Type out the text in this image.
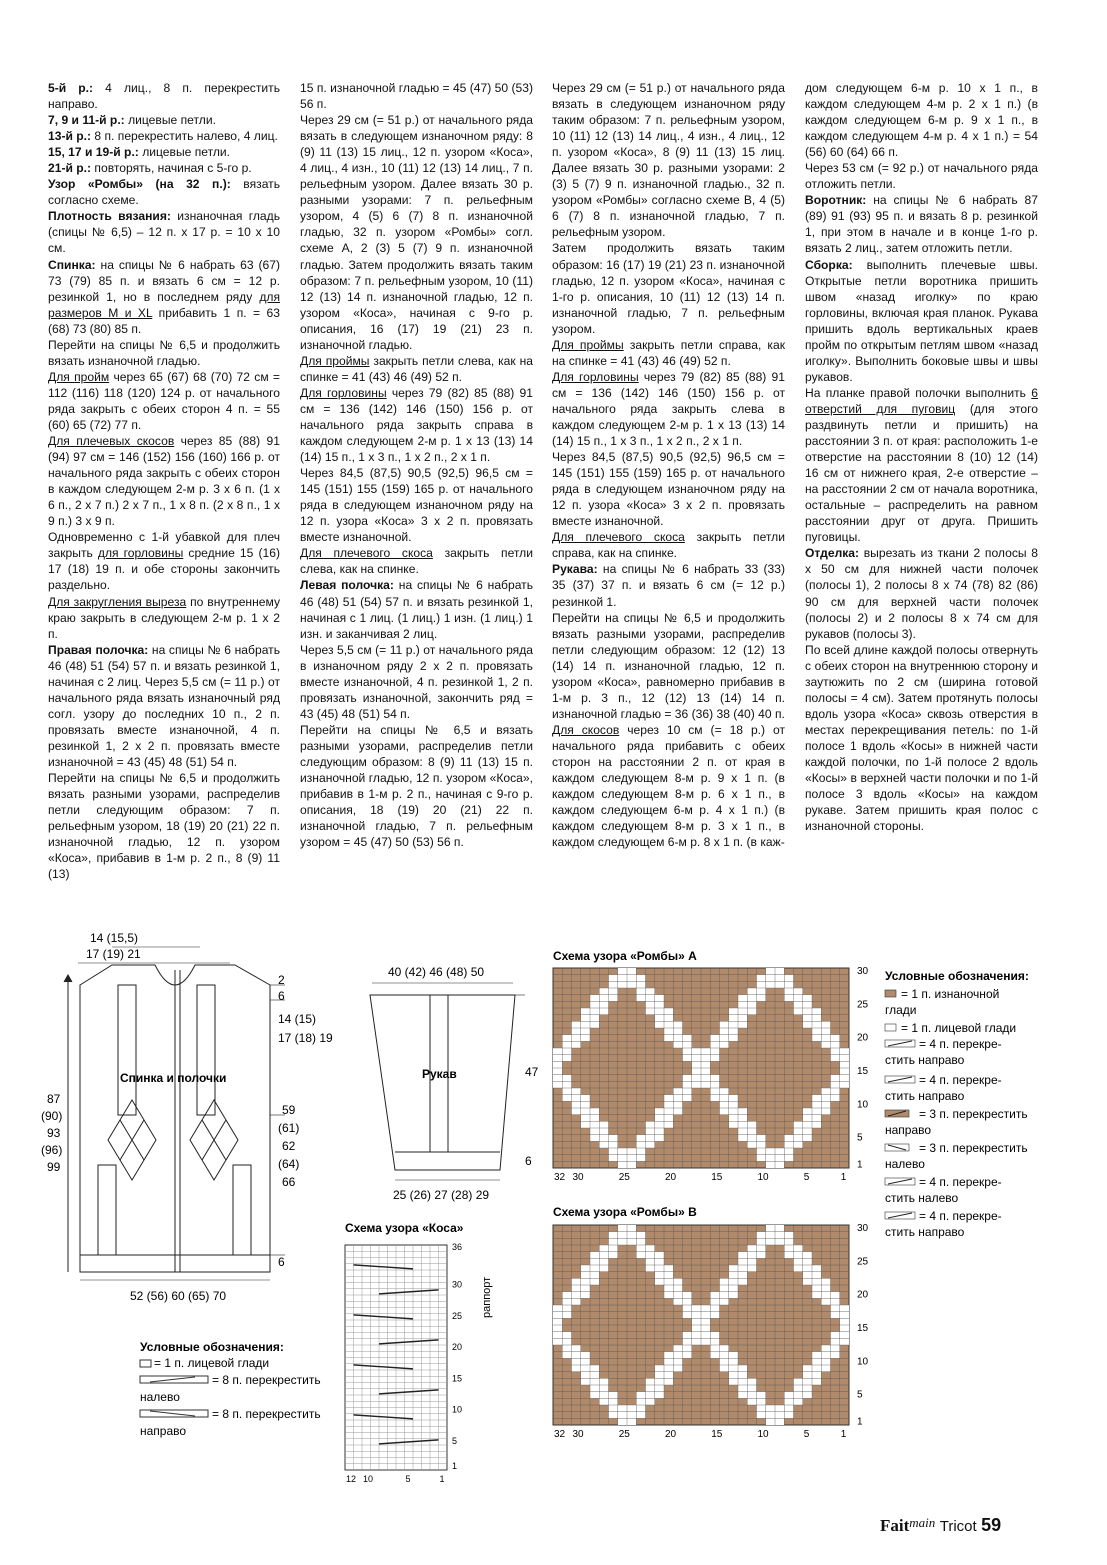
5-й р.: 4 лиц., 8 п. перекрестить направо.

7, 9 и 11-й р.: лицевые петли.

13-й р.: 8 п. перекрестить налево, 4 лиц.

15, 17 и 19-й р.: лицевые петли.

21-й р.: повторять, начиная с 5-го р.

Узор «Ромбы» (на 32 п.): вязать согласно схеме.

Плотность вязания: изнаночная гладь (спицы № 6,5) – 12 п. х 17 р. = 10 х 10 см.

Спинка: на спицы № 6 набрать 63 (67) 73 (79) 85 п. и вязать 6 см = 12 р. резинкой 1, но в последнем ряду для размеров M и XL прибавить 1 п. = 63 (68) 73 (80) 85 п.

Перейти на спицы № 6,5 и продолжить вязать изнаночной гладью.

Для пройм через 65 (67) 68 (70) 72 см = 112 (116) 118 (120) 124 р. от начального ряда закрыть с обеих сторон 4 п. = 55 (60) 65 (72) 77 п.

Для плечевых скосов через 85 (88) 91 (94) 97 см = 146 (152) 156 (160) 166 р. от начального ряда закрыть с обеих сторон в каждом следующем 2-м р. 3 х 6 п. (1 х 6 п., 2 х 7 п.) 2 х 7 п., 1 х 8 п. (2 х 8 п., 1 х 9 п.) 3 х 9 п.

Одновременно с 1-й убавкой для плеч закрыть для горловины средние 15 (16) 17 (18) 19 п. и обе стороны закончить раздельно.

Для закругления выреза по внутреннему краю закрыть в следующем 2-м р. 1 х 2 п.

Правая полочка: на спицы № 6 набрать 46 (48) 51 (54) 57 п. и вязать резинкой 1, начиная с 2 лиц. Через 5,5 см (= 11 р.) от начального ряда вязать изнаночный ряд согл. узору до последних 10 п., 2 п. провязать вместе изнаночной, 4 п. резинкой 1, 2 х 2 п. провязать вместе изнаночной = 43 (45) 48 (51) 54 п.

Перейти на спицы № 6,5 и продолжить вязать разными узорами, распределив петли следующим образом: 7 п. рельефным узором, 18 (19) 20 (21) 22 п. изнаночной гладью, 12 п. узором «Коса», прибавив в 1-м р. 2 п., 8 (9) 11 (13)

15 п. изнаночной гладью = 45 (47) 50 (53) 56 п.

Через 29 см (= 51 р.) от начального ряда вязать в следующем изнаночном ряду: 8 (9) 11 (13) 15 лиц., 12 п. узором «Коса», 4 лиц., 4 изн., 10 (11) 12 (13) 14 лиц., 7 п. рельефным узором. Далее вязать 30 р. разными узорами: 7 п. рельефным узором, 4 (5) 6 (7) 8 п. изнаночной гладью, 32 п. узором «Ромбы» согл. схеме А, 2 (3) 5 (7) 9 п. изнаночной гладью. Затем продолжить вязать таким образом: 7 п. рельефным узором, 10 (11) 12 (13) 14 п. изнаночной гладью, 12 п. узором «Коса», начиная с 9-го р. описания, 16 (17) 19 (21) 23 п. изнаночной гладью.

Для проймы закрыть петли слева, как на спинке = 41 (43) 46 (49) 52 п.

Для горловины через 79 (82) 85 (88) 91 см = 136 (142) 146 (150) 156 р. от начального ряда закрыть справа в каждом следующем 2-м р. 1 х 13 (13) 14 (14) 15 п., 1 х 3 п., 1 х 2 п., 2 х 1 п.

Через 84,5 (87,5) 90,5 (92,5) 96,5 см = 145 (151) 155 (159) 165 р. от начального ряда в следующем изнаночном ряду на 12 п. узора «Коса» 3 х 2 п. провязать вместе изнаночной.

Для плечевого скоса закрыть петли слева, как на спинке.

Левая полочка: на спицы № 6 набрать 46 (48) 51 (54) 57 п. и вязать резинкой 1, начиная с 1 лиц. (1 лиц.) 1 изн. (1 лиц.) 1 изн. и заканчивая 2 лиц.

Через 5,5 см (= 11 р.) от начального ряда в изнаночном ряду 2 х 2 п. провязать вместе изнаночной, 4 п. резинкой 1, 2 п. провязать изнаночной, закончить ряд = 43 (45) 48 (51) 54 п.

Перейти на спицы № 6,5 и вязать разными узорами, распределив петли следующим образом: 8 (9) 11 (13) 15 п. изнаночной гладью, 12 п. узором «Коса», прибавив в 1-м р. 2 п., начиная с 9-го р. описания, 18 (19) 20 (21) 22 п. изнаночной гладью, 7 п. рельефным узором = 45 (47) 50 (53) 56 п.

Через 29 см (= 51 р.) от начального ряда вязать в следующем изнаночном ряду таким образом: 7 п. рельефным узором, 10 (11) 12 (13) 14 лиц., 4 изн., 4 лиц., 12 п. узором «Коса», 8 (9) 11 (13) 15 лиц. Далее вязать 30 р. разными узорами: 2 (3) 5 (7) 9 п. изнаночной гладью., 32 п. узором «Ромбы» согласно схеме В, 4 (5) 6 (7) 8 п. изнаночной гладью, 7 п. рельефным узором.

Затем продолжить вязать таким образом: 16 (17) 19 (21) 23 п. изнаночной гладью, 12 п. узором «Коса», начиная с 1-го р. описания, 10 (11) 12 (13) 14 п. изнаночной гладью, 7 п. рельефным узором.

Для проймы закрыть петли справа, как на спинке = 41 (43) 46 (49) 52 п.

Для горловины через 79 (82) 85 (88) 91 см = 136 (142) 146 (150) 156 р. от начального ряда закрыть слева в каждом следующем 2-м р. 1 х 13 (13) 14 (14) 15 п., 1 х 3 п., 1 х 2 п., 2 х 1 п.

Через 84,5 (87,5) 90,5 (92,5) 96,5 см = 145 (151) 155 (159) 165 р. от начального ряда в следующем изнаночном ряду на 12 п. узора «Коса» 3 х 2 п. провязать вместе изнаночной.

Для плечевого скоса закрыть петли справа, как на спинке.

Рукава: на спицы № 6 набрать 33 (33) 35 (37) 37 п. и вязать 6 см (= 12 р.) резинкой 1.

Перейти на спицы № 6,5 и продолжить вязать разными узорами, распределив петли следующим образом: 12 (12) 13 (14) 14 п. изнаночной гладью, 12 п. узором «Коса», равномерно прибавив в 1-м р. 3 п., 12 (12) 13 (14) 14 п. изнаночной гладью = 36 (36) 38 (40) 40 п.

Для скосов через 10 см (= 18 р.) от начального ряда прибавить с обеих сторон на расстоянии 2 п. от края в каждом следующем 8-м р. 9 х 1 п. (в каждом следующем 8-м р. 6 х 1 п., в каждом следующем 6-м р. 4 х 1 п.) (в каждом следующем 8-м р. 3 х 1 п., в каждом следующем 6-м р. 8 х 1 п. (в каж-

дом следующем 6-м р. 10 х 1 п., в каждом следующем 4-м р. 2 х 1 п.) (в каждом следующем 6-м р. 9 х 1 п., в каждом следующем 4-м р. 4 х 1 п.) = 54 (56) 60 (64) 66 п.

Через 53 см (= 92 р.) от начального ряда отложить петли.

Воротник: на спицы № 6 набрать 87 (89) 91 (93) 95 п. и вязать 8 р. резинкой 1, при этом в начале и в конце 1-го р. вязать 2 лиц., затем отложить петли.

Сборка: выполнить плечевые швы. Открытые петли воротника пришить швом «назад иголку» по краю горловины, включая края планок. Рукава пришить вдоль вертикальных краев пройм по открытым петлям швом «назад иголку». Выполнить боковые швы и швы рукавов.

На планке правой полочки выполнить 6 отверстий для пуговиц (для этого раздвинуть петли и пришить) на расстоянии 3 п. от края: расположить 1-е отверстие на расстоянии 8 (10) 12 (14) 16 см от нижнего края, 2-е отверстие – на расстоянии 2 см от начала воротника, остальные – распределить на равном расстоянии друг от друга. Пришить пуговицы.

Отделка: вырезать из ткани 2 полосы 8 х 50 см для нижней части полочек (полосы 1), 2 полосы 8 х 74 (78) 82 (86) 90 см для верхней части полочек (полосы 2) и 2 полосы 8 х 74 см для рукавов (полосы 3).

По всей длине каждой полосы отвернуть с обеих сторон на внутреннюю сторону и заутюжить по 2 см (ширина готовой полосы = 4 см). Затем протянуть полосы вдоль узора «Коса» сквозь отверстия в местах перекрещивания петель: по 1-й полосе 1 вдоль «Косы» в нижней части каждой полочки, по 1-й полосе 2 вдоль «Косы» в верхней части полочки и по 1-й полосе 3 вдоль «Косы» на каждом рукаве. Затем пришить края полос с изнаночной стороны.

Спинка и полочки
14 (15,5)
17 (19) 21
2
6
14 (15)
17 (18) 19
59
(61)
62
(64)
66
6
87
(90)
93
(96)
99
52 (56) 60 (65) 70
Рукав
40 (42) 46 (48) 50
47
6
25 (26) 27 (28) 29
Схема узора «Коса»
36
30
25
20
15
10
5
1
12 10	5	1
раппорт
Условные обозначения:
= 1 п. лицевой глади
= 8 п. перекрестить
налево
= 8 п. перекрестить
направо
Схема узора «Ромбы» А
30
25
20
15
10
5
1
32 30	25	20	15	10	5	1
Схема узора «Ромбы» В
30
25
20
15
10
5
1
32 30	25	20	15	10	5	1
Условные обозначения:
= 1 п. изнаночной
глади
= 1 п. лицевой глади
= 4 п. перекре-
стить направо
= 4 п. перекре-
стить направо
= 3 п. перекрестить
направо
= 3 п. перекрестить
налево
= 4 п. перекре-
стить налево
= 4 п. перекре-
стить направо
Fait$^{main}$ Tricot 59
